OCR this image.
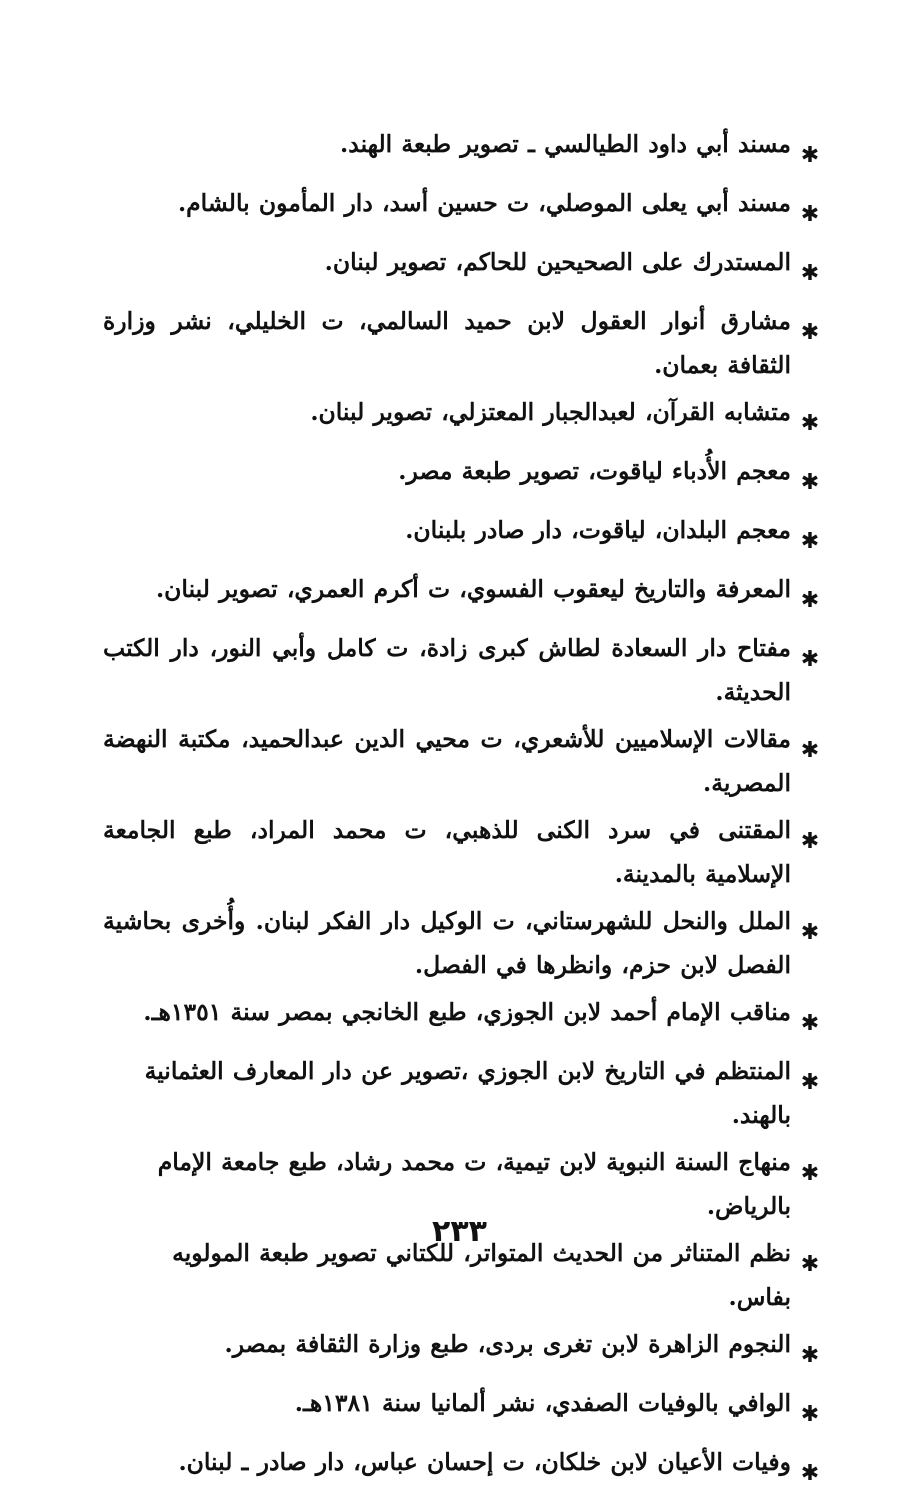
✱
مسند أبي داود الطيالسي ـ تصوير طبعة الهند.
✱
مسند أبي يعلى الموصلي، ت حسين أسد، دار المأمون بالشام.
✱
المستدرك على الصحيحين للحاكم، تصوير لبنان.
✱
مشارق أنوار العقول لابن حميد السالمي، ت الخليلي، نشر وزارة الثقافة بعمان.
✱
متشابه القرآن، لعبدالجبار المعتزلي، تصوير لبنان.
✱
معجم الأُدباء لياقوت، تصوير طبعة مصر.
✱
معجم البلدان، لياقوت، دار صادر بلبنان.
✱
المعرفة والتاريخ ليعقوب الفسوي، ت أكرم العمري، تصوير لبنان.
✱
مفتاح دار السعادة لطاش كبرى زادة، ت كامل وأبي النور، دار الكتب الحديثة.
✱
مقالات الإسلاميين للأشعري، ت محيي الدين عبدالحميد، مكتبة النهضة المصرية.
✱
المقتنى في سرد الكنى للذهبي، ت محمد المراد، طبع الجامعة الإسلامية بالمدينة.
✱
الملل والنحل للشهرستاني، ت الوكيل دار الفكر لبنان. وأُخرى بحاشية الفصل لابن حزم، وانظرها في الفصل.
✱
مناقب الإمام أحمد لابن الجوزي، طبع الخانجي بمصر سنة ١٣٥١هـ.
✱
المنتظم في التاريخ لابن الجوزي ،تصوير عن دار المعارف العثمانية بالهند.
✱
منهاج السنة النبوية لابن تيمية، ت محمد رشاد، طبع جامعة الإمام بالرياض.
✱
نظم المتناثر من الحديث المتواتر، للكتاني تصوير طبعة المولويه بفاس.
✱
النجوم الزاهرة لابن تغرى بردى، طبع وزارة الثقافة بمصر.
✱
الوافي بالوفيات الصفدي، نشر ألمانيا سنة ١٣٨١هـ.
✱
وفيات الأعيان لابن خلكان، ت إحسان عباس، دار صادر ـ لبنان.
٢٣٣
